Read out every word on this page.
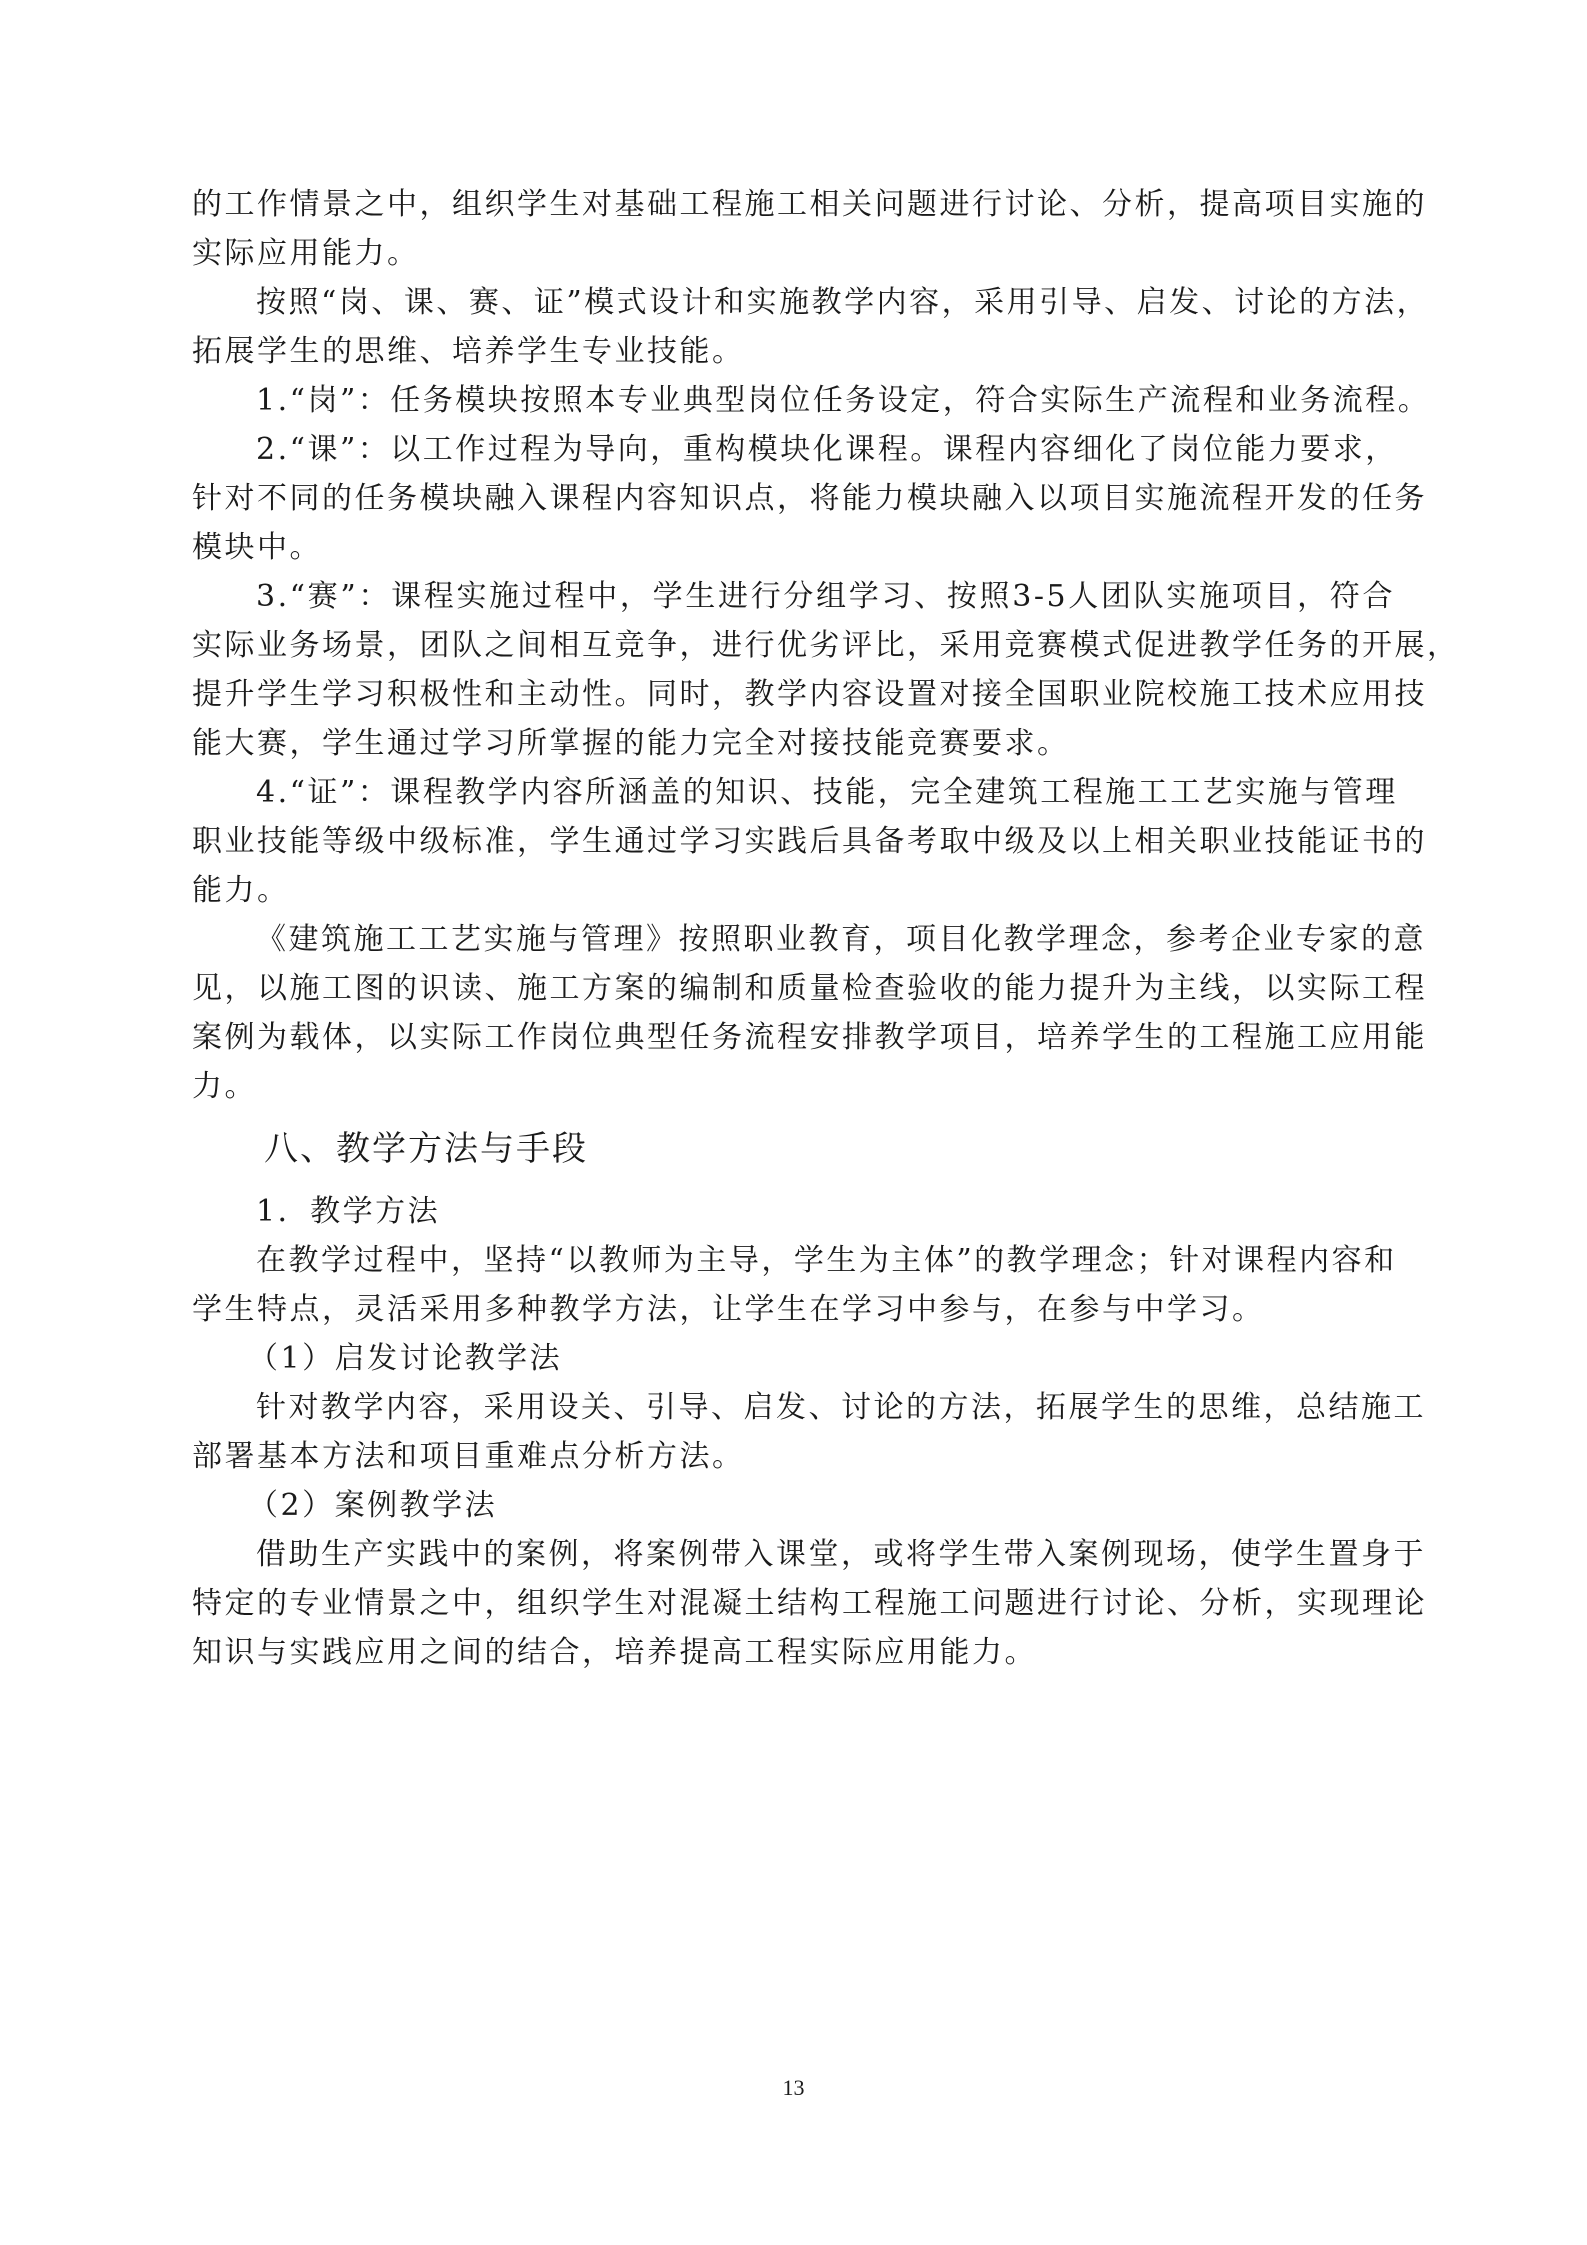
的工作情景之中，组织学生对基础工程施工相关问题进行讨论、分析，提高项目实施的

实际应用能力。

按照“岗、课、赛、证”模式设计和实施教学内容，采用引导、启发、讨论的方法，

拓展学生的思维、培养学生专业技能。

1.“岗”：任务模块按照本专业典型岗位任务设定，符合实际生产流程和业务流程。

2.“课”：以工作过程为导向，重构模块化课程。课程内容细化了岗位能力要求，

针对不同的任务模块融入课程内容知识点，将能力模块融入以项目实施流程开发的任务

模块中。

3.“赛”：课程实施过程中，学生进行分组学习、按照3-5人团队实施项目，符合

实际业务场景，团队之间相互竞争，进行优劣评比，采用竞赛模式促进教学任务的开展，

提升学生学习积极性和主动性。同时，教学内容设置对接全国职业院校施工技术应用技

能大赛，学生通过学习所掌握的能力完全对接技能竞赛要求。

4.“证”：课程教学内容所涵盖的知识、技能，完全建筑工程施工工艺实施与管理

职业技能等级中级标准，学生通过学习实践后具备考取中级及以上相关职业技能证书的

能力。

《建筑施工工艺实施与管理》按照职业教育，项目化教学理念，参考企业专家的意

见，以施工图的识读、施工方案的编制和质量检查验收的能力提升为主线，以实际工程

案例为载体，以实际工作岗位典型任务流程安排教学项目，培养学生的工程施工应用能

力。

八、教学方法与手段

1．教学方法

在教学过程中，坚持“以教师为主导，学生为主体”的教学理念；针对课程内容和

学生特点，灵活采用多种教学方法，让学生在学习中参与，在参与中学习。

（1）启发讨论教学法

针对教学内容，采用设关、引导、启发、讨论的方法，拓展学生的思维，总结施工

部署基本方法和项目重难点分析方法。

（2）案例教学法

借助生产实践中的案例，将案例带入课堂，或将学生带入案例现场，使学生置身于

特定的专业情景之中，组织学生对混凝土结构工程施工问题进行讨论、分析，实现理论

知识与实践应用之间的结合，培养提高工程实际应用能力。

13
